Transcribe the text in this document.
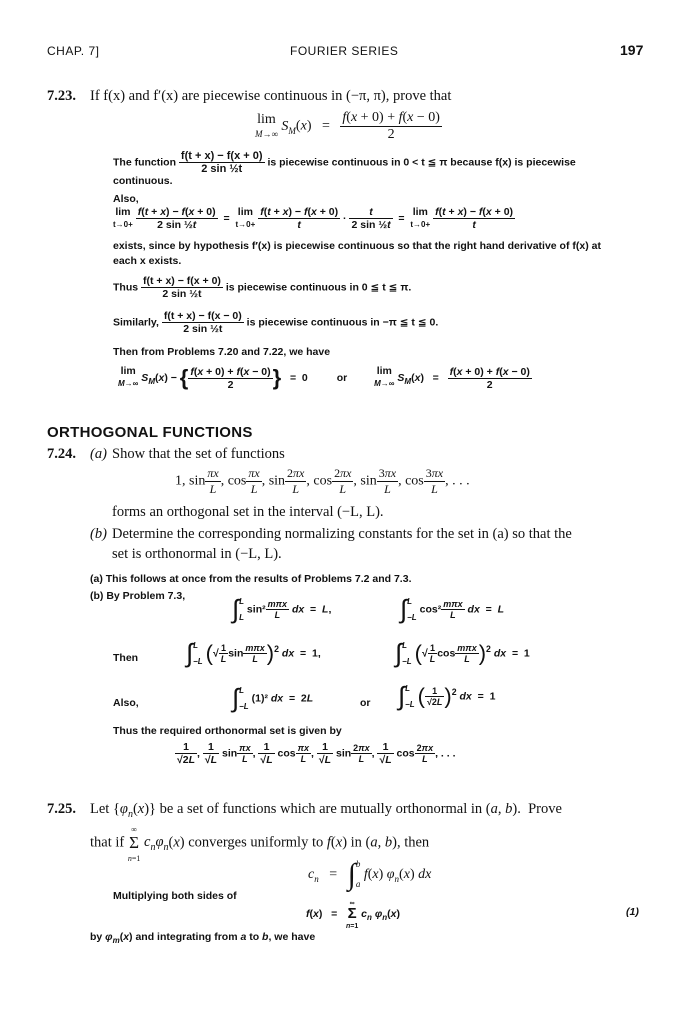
CHAP. 7]	FOURIER SERIES	197
7.23. If f(x) and f′(x) are piecewise continuous in (−π, π), prove that
lim
M→∞ $S_M(x) = \frac{f(x + 0) + f(x - 0)}{2}$
The function $\frac{f(t + x) - f(x + 0)}{\text{2 sin ½t}}$ is piecewise continuous in 0 < t ≦ π because f(x) is piecewise
continuous.
Also,
lim
$t\to 0+ \frac{f(t + x) - f(x + 0)}{\text{2 sin ½t}} = \lim$
$t\to 0+ \frac{f(t + x) - f(x + 0)}{t} \cdot \frac{t}{\text{2 sin ½t}} = \lim$
$t\to 0+ \frac{f(t + x) - f(x + 0)}{t}$
exists, since by hypothesis f′(x) is piecewise continuous so that the right hand derivative of f(x) at
each x exists.
Thus $\frac{f(t + x) - f(x + 0)}{\text{2 sin ½t}}$ is piecewise continuous in 0 ≦ t ≦ π.
Similarly, $\frac{f(t + x) - f(x - 0)}{\text{2 sin ½t}}$ is piecewise continuous in −π ≦ t ≦ 0.
Then from Problems 7.20 and 7.22, we have
lim
M→∞ $S_M(x)$ − { $\frac{f(x + 0) + f(x - 0)}{2}$ }   =  0 or lim
M→∞ $S_M(x) = \frac{f(x + 0) + f(x - 0)}{2}$
ORTHOGONAL FUNCTIONS
7.24. (a) Show that the set of functions
1, $\sin \frac{\pi x}{L}$ , $\cos \frac{\pi x}{L}$ , $\sin \frac{2\pi x}{L}$ , $\cos \frac{2\pi x}{L}$ , $\sin \frac{3\pi x}{L}$ , $\cos \frac{3\pi x}{L}$ , . . .
forms an orthogonal set in the interval (−L, L).
(b) Determine the corresponding normalizing constants for the set in (a) so that the
set is orthonormal in (−L, L).
(a) This follows at once from the results of Problems 7.2 and 7.3.
(b) By Problem 7.3, ∫L
L $\sin^2 \frac{\text{mπx}}{L}$ dx  =  L,	∫L
−L $\cos^2 \frac{\text{mπx}}{L}$ dx  =  L
Then ∫L
−L (√ $\frac{1}{L}$ $\sin \frac{\text{mπx}}{L} )^2$ dx  =  1,	∫L
−L (√ $\frac{1}{L}$ $\cos \frac{\text{mπx}}{L} )^2$ dx  =  1
Also,	∫L
−L (1)² dx  =  2L	or ∫L
−L ( $\frac{1}{√2L} )^2$ dx  =  1
Thus the required orthonormal set is given by
$\frac{1}{√2L}$ , $\frac{1}{√L}$ $\sin \frac{\pi x}{L}$ , $\frac{1}{√L}$ $\cos \frac{\pi x}{L}$ , $\frac{1}{√L}$ $\sin \frac{2\pi x}{L}$ , $\frac{1}{√L}$ $\cos \frac{2\pi x}{L}$ , . . .
7.25. Let $\{\varphi_n(x)\}$ be a set of functions which are mutually orthonormal in (a, b).  Prove
that if ∞
Σ
n=1 $c_n\varphi_n(x)$ converges uniformly to f(x) in (a, b), then
$c_n = \int b$
a f(x) $\varphi_n(x)$ dx
Multiplying both sides of
f(x)   =   ∞
Σ
n=1 $c_n$ $\varphi_n(x)$	(1)
by $\varphi_m(x)$ and integrating from a to b, we have
